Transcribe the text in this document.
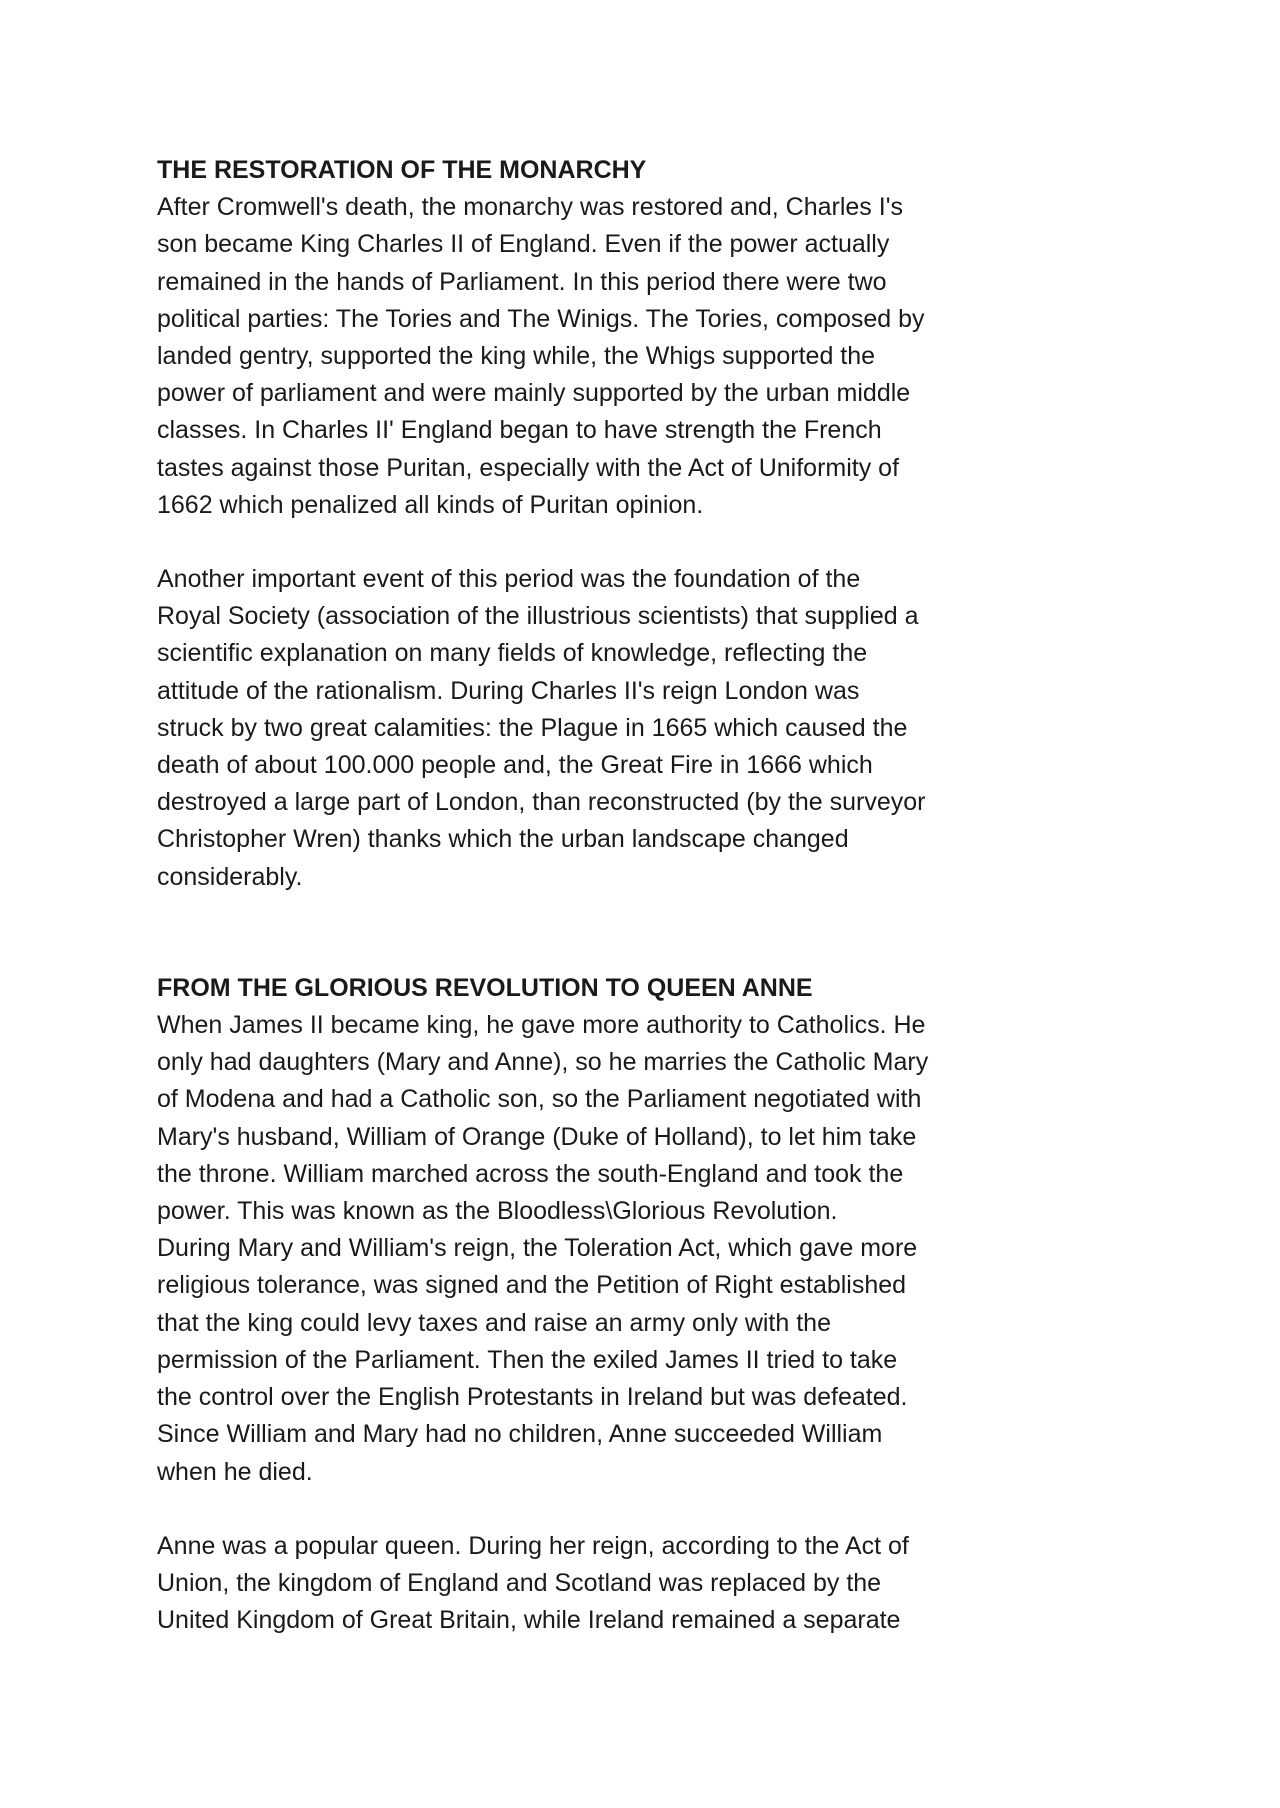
THE RESTORATION OF THE MONARCHY
After Cromwell's death, the monarchy was restored and, Charles I's
son became King Charles II of England. Even if the power actually
remained in the hands of Parliament. In this period there were two
political parties: The Tories and The Winigs. The Tories, composed by
landed gentry, supported the king while, the Whigs supported the
power of parliament and were mainly supported by the urban middle
classes. In Charles II' England began to have strength the French
tastes against those Puritan, especially with the Act of Uniformity of
1662 which penalized all kinds of Puritan opinion.
Another important event of this period was the foundation of the
Royal Society (association of the illustrious scientists) that supplied a
scientific explanation on many fields of knowledge, reflecting the
attitude of the rationalism. During Charles II's reign London was
struck by two great calamities: the Plague in 1665 which caused the
death of about 100.000 people and, the Great Fire in 1666 which
destroyed a large part of London, than reconstructed (by the surveyor
Christopher Wren) thanks which the urban landscape changed
considerably.
FROM THE GLORIOUS REVOLUTION TO QUEEN ANNE
When James II became king, he gave more authority to Catholics. He
only had daughters (Mary and Anne), so he marries the Catholic Mary
of Modena and had a Catholic son, so the Parliament negotiated with
Mary's husband, William of Orange (Duke of Holland), to let him take
the throne. William marched across the south-England and took the
power. This was known as the Bloodless\Glorious Revolution.
During Mary and William's reign, the Toleration Act, which gave more
religious tolerance, was signed and the Petition of Right established
that the king could levy taxes and raise an army only with the
permission of the Parliament. Then the exiled James II tried to take
the control over the English Protestants in Ireland but was defeated.
Since William and Mary had no children, Anne succeeded William
when he died.
Anne was a popular queen. During her reign, according to the Act of
Union, the kingdom of England and Scotland was replaced by the
United Kingdom of Great Britain, while Ireland remained a separate
